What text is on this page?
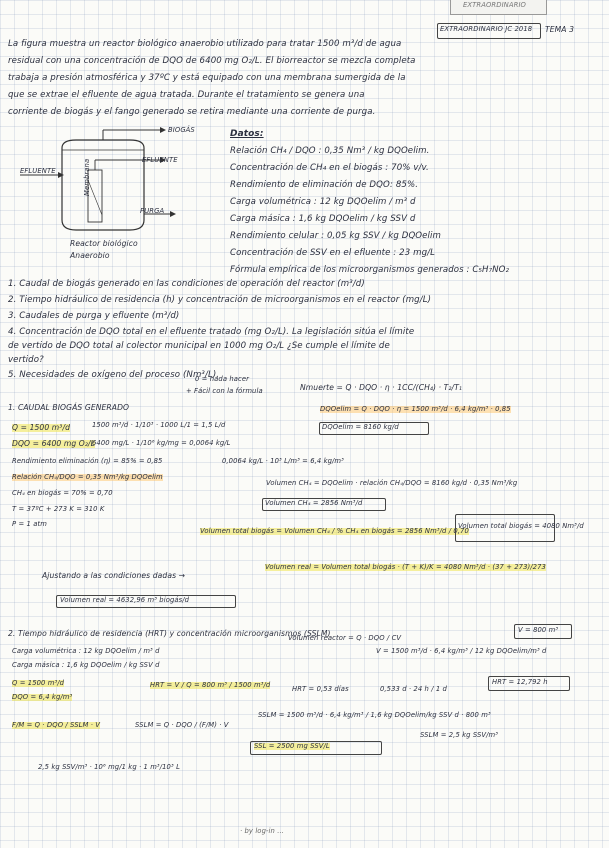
EXTRAORDINARIO
EXTRAORDINARIO JC 2018 TEMA 3
La figura muestra un reactor biológico anaerobio utilizado para tratar 1500 m³/d de agua
residual con una concentración de DQO de 6400 mg O₂/L. El biorreactor se mezcla completa
trabaja a presión atmosférica y 37ºC y está equipado con una membrana sumergida de la
que se extrae el efluente de agua tratada. Durante el tratamiento se genera una
corriente de biogás y el fango generado se retira mediante una corriente de purga.
BIOGÁS
EFLUENTE
EFLUENTE
PURGA
Membrana
Reactor biológico
Anaerobio
Datos:
Relación CH₄ / DQO : 0,35 Nm³ / kg DQOelim.
Concentración de CH₄ en el biogás : 70% v/v.
Rendimiento de eliminación de DQO: 85%.
Carga volumétrica : 12 kg DQOelim / m³ d
Carga másica : 1,6 kg DQOelim / kg SSV d
Rendimiento celular : 0,05 kg SSV / kg DQOelim
Concentración de SSV en el efluente : 23 mg/L
Fórmula empírica de los microorganismos generados : C₅H₇NO₂
1. Caudal de biogás generado en las condiciones de operación del reactor (m³/d)
2. Tiempo hidráulico de residencia (h) y concentración de microorganismos en el reactor (mg/L)
3. Caudales de purga y efluente (m³/d)
4. Concentración de DQO total en el efluente tratado (mg O₂/L). La legislación sitúa el límite
de vertido de DQO total al colector municipal en 1000 mg O₂/L ¿Se cumple el límite de
vertido?
5. Necesidades de oxígeno del proceso (Nm³/L).
1. CAUDAL BIOGÁS GENERADO
0 = nada hacer
+ Fácil con la fórmula	Nmuerte = Q · DQO · η · 1CC/(CH₄) · T₂/T₁
Q = 1500 m³/d
DQO = 6400 mg O₂/L
1500 m³/d · 1/10³ · 1000 L/1 = 1,5 L/d
6400 mg/L · 1/10⁶ kg/mg = 0,0064 kg/L
DQOelim = Q · DQO · η = 1500 m³/d · 6,4 kg/m³ · 0,85
DQOelim = 8160 kg/d
Rendimiento eliminación (η) = 85% = 0,85	0,0064 kg/L · 10³ L/m³ = 6,4 kg/m³
Relación CH₄/DQO = 0,35 Nm³/kg DQOelim
CH₄ en biogás = 70% = 0,70
T = 37ºC + 273 K = 310 K
P = 1 atm
Volumen CH₄ = DQOelim · relación CH₄/DQO = 8160 kg/d · 0,35 Nm³/kg
Volumen CH₄ = 2856 Nm³/d
Volumen total biogás = Volumen CH₄ / % CH₄ en biogás = 2856 Nm³/d / 0,70
Volumen total biogás = 4080 Nm³/d
Ajustando a las condiciones dadas →
Volumen real = Volumen total biogás · (T + K)/K = 4080 Nm³/d · (37 + 273)/273
Volumen real = 4632,96 m³ biogás/d
2. Tiempo hidráulico de residencia (HRT) y concentración microorganismos (SSLM)
Carga volumétrica : 12 kg DQOelim / m³ d
Carga másica : 1,6 kg DQOelim / kg SSV d
Volumen reactor = Q · DQO / CV
V = 1500 m³/d · 6,4 kg/m³ / 12 kg DQOelim/m³ d
V = 800 m³
Q = 1500 m³/d
DQO = 6,4 kg/m³
HRT = V / Q = 800 m³ / 1500 m³/d	HRT = 0,53 días	0,533 d · 24 h / 1 d
HRT = 12,792 h
F/M = Q · DQO / SSLM · V	SSLM = Q · DQO / (F/M) · V
SSLM = 1500 m³/d · 6,4 kg/m³ / 1,6 kg DQOelim/kg SSV d · 800 m³
SSLM = 2,5 kg SSV/m³
2,5 kg SSV/m³ · 10⁶ mg/1 kg · 1 m³/10³ L
SSL = 2500 mg SSV/L
· by log-in ...
